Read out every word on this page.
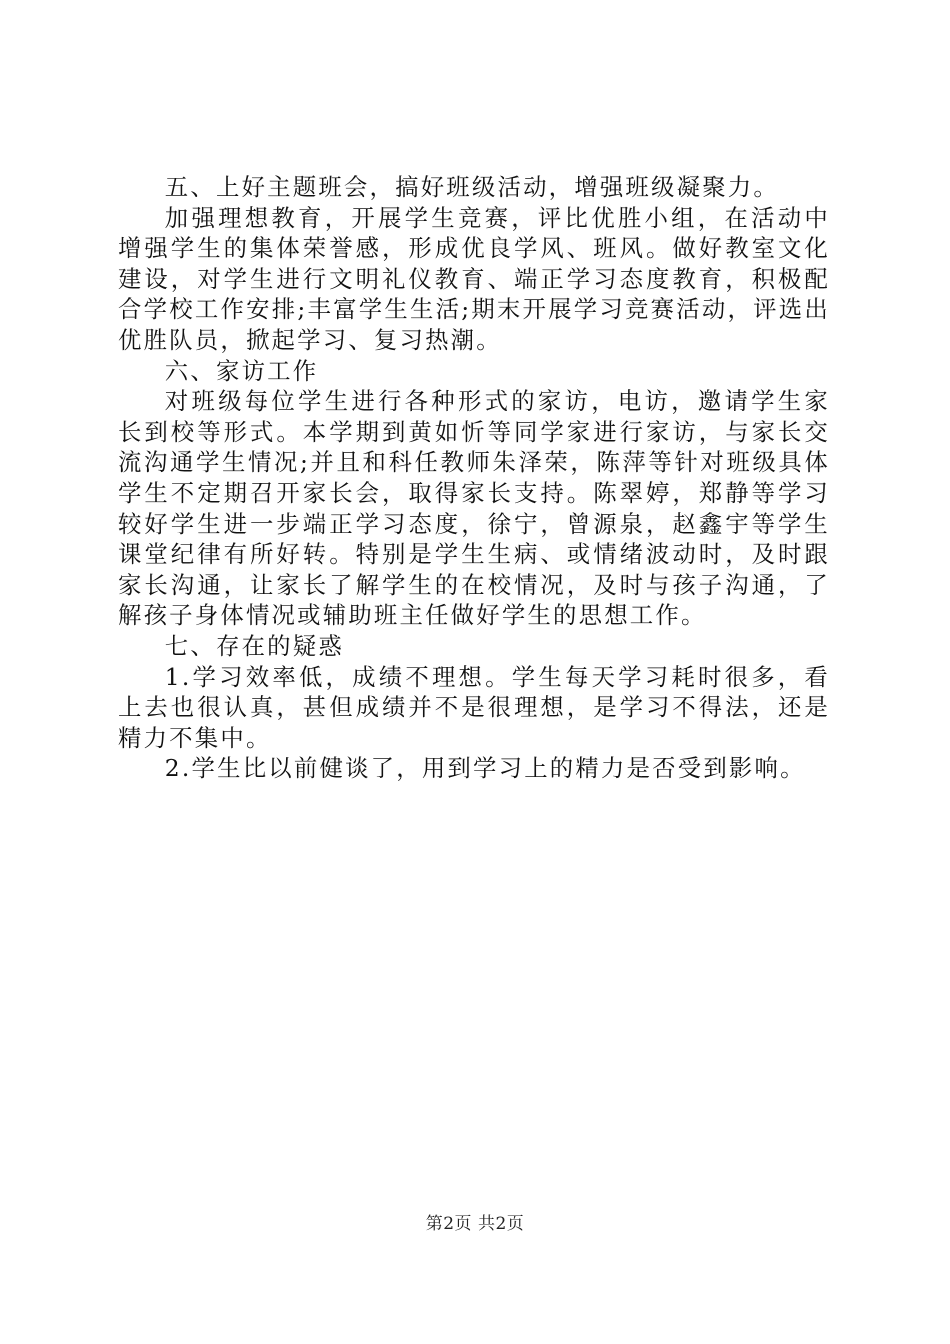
五、上好主题班会，搞好班级活动，增强班级凝聚力。

加强理想教育，开展学生竞赛，评比优胜小组，在活动中增强学生的集体荣誉感，形成优良学风、班风。做好教室文化建设，对学生进行文明礼仪教育、端正学习态度教育，积极配合学校工作安排;丰富学生生活;期末开展学习竞赛活动，评选出优胜队员，掀起学习、复习热潮。

六、家访工作

对班级每位学生进行各种形式的家访，电访，邀请学生家长到校等形式。本学期到黄如忻等同学家进行家访，与家长交流沟通学生情况;并且和科任教师朱泽荣，陈萍等针对班级具体学生不定期召开家长会，取得家长支持。陈翠婷，郑静等学习较好学生进一步端正学习态度，徐宁，曾源泉，赵鑫宇等学生课堂纪律有所好转。特别是学生生病、或情绪波动时，及时跟家长沟通，让家长了解学生的在校情况，及时与孩子沟通，了解孩子身体情况或辅助班主任做好学生的思想工作。

七、存在的疑惑

1.学习效率低，成绩不理想。学生每天学习耗时很多，看上去也很认真，甚但成绩并不是很理想，是学习不得法，还是精力不集中。

2.学生比以前健谈了，用到学习上的精力是否受到影响。

第2页 共2页
